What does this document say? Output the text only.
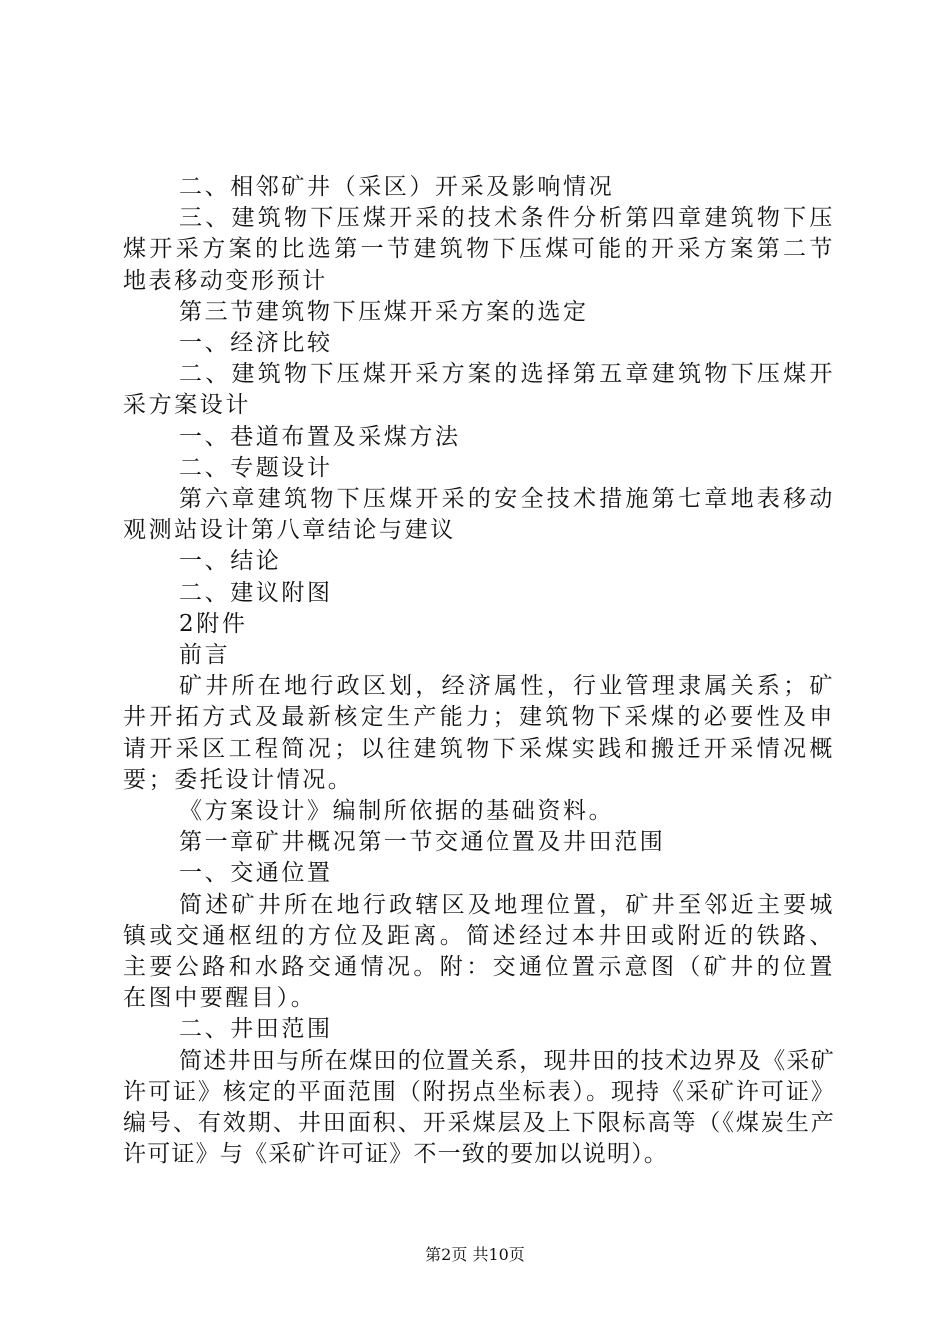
二、相邻矿井（采区）开采及影响情况

三、建筑物下压煤开采的技术条件分析第四章建筑物下压煤开采方案的比选第一节建筑物下压煤可能的开采方案第二节地表移动变形预计

第三节建筑物下压煤开采方案的选定

一、经济比较

二、建筑物下压煤开采方案的选择第五章建筑物下压煤开采方案设计

一、巷道布置及采煤方法

二、专题设计

第六章建筑物下压煤开采的安全技术措施第七章地表移动观测站设计第八章结论与建议

一、结论

二、建议附图

2附件

前言

矿井所在地行政区划，经济属性，行业管理隶属关系；矿井开拓方式及最新核定生产能力；建筑物下采煤的必要性及申请开采区工程简况；以往建筑物下采煤实践和搬迁开采情况概要；委托设计情况。

《方案设计》编制所依据的基础资料。

第一章矿井概况第一节交通位置及井田范围

一、交通位置

简述矿井所在地行政辖区及地理位置，矿井至邻近主要城镇或交通枢纽的方位及距离。简述经过本井田或附近的铁路、主要公路和水路交通情况。附：交通位置示意图（矿井的位置在图中要醒目）。

二、井田范围

简述井田与所在煤田的位置关系，现井田的技术边界及《采矿许可证》核定的平面范围（附拐点坐标表）。现持《采矿许可证》编号、有效期、井田面积、开采煤层及上下限标高等（《煤炭生产许可证》与《采矿许可证》不一致的要加以说明）。

第2页 共10页
